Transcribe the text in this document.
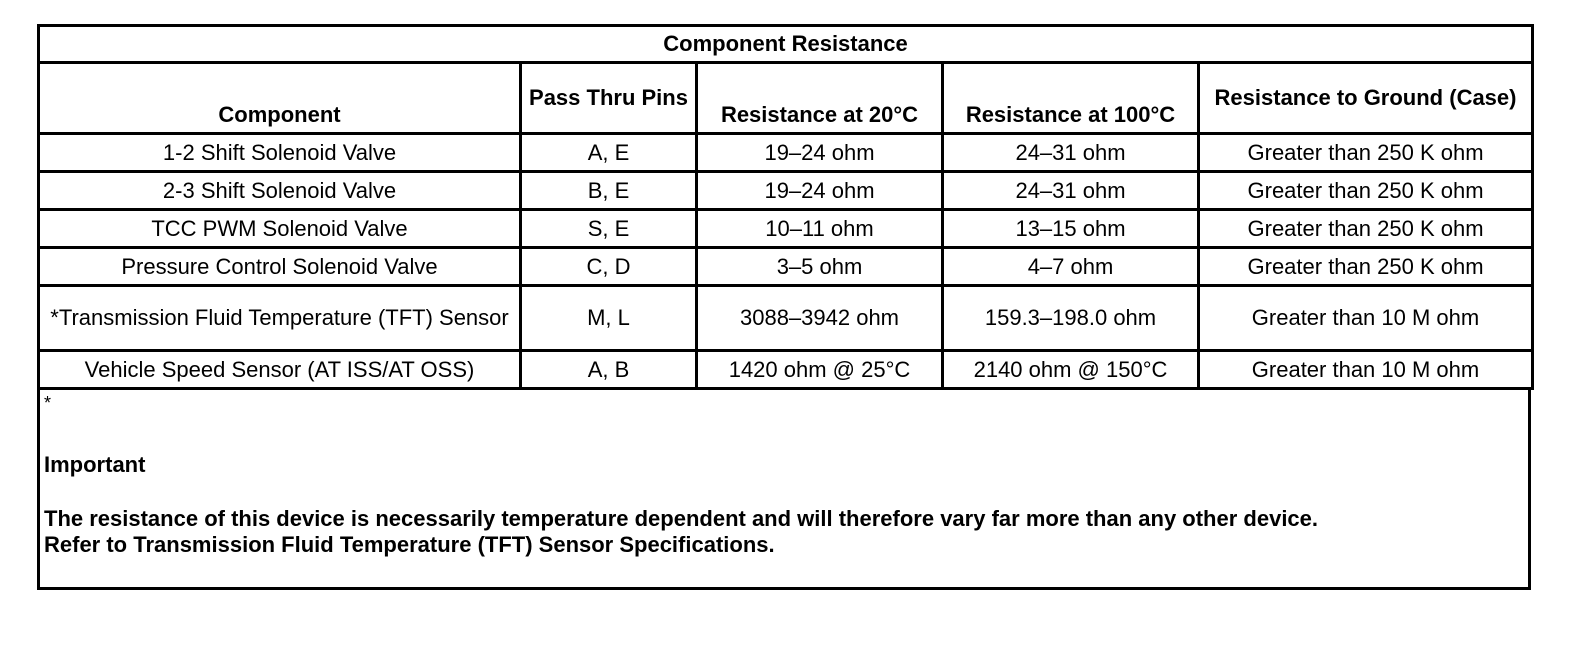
Component Resistance				
Component	Pass Thru Pins	Resistance at 20°C	Resistance at 100°C	Resistance to Ground (Case)
1-2 Shift Solenoid Valve	A, E	19–24 ohm	24–31 ohm	Greater than 250 K ohm
2-3 Shift Solenoid Valve	B, E	19–24 ohm	24–31 ohm	Greater than 250 K ohm
TCC PWM Solenoid Valve	S, E	10–11 ohm	13–15 ohm	Greater than 250 K ohm
Pressure Control Solenoid Valve	C, D	3–5 ohm	4–7 ohm	Greater than 250 K ohm
*Transmission Fluid Temperature (TFT) Sensor	M, L	3088–3942 ohm	159.3–198.0 ohm	Greater than 10 M ohm
Vehicle Speed Sensor (AT ISS/AT OSS)	A, B	1420 ohm @ 25°C	2140 ohm @ 150°C	Greater than 10 M ohm
*
Important
The resistance of this device is necessarily temperature dependent and will therefore vary far more than any other device.
Refer to Transmission Fluid Temperature (TFT) Sensor Specifications.
